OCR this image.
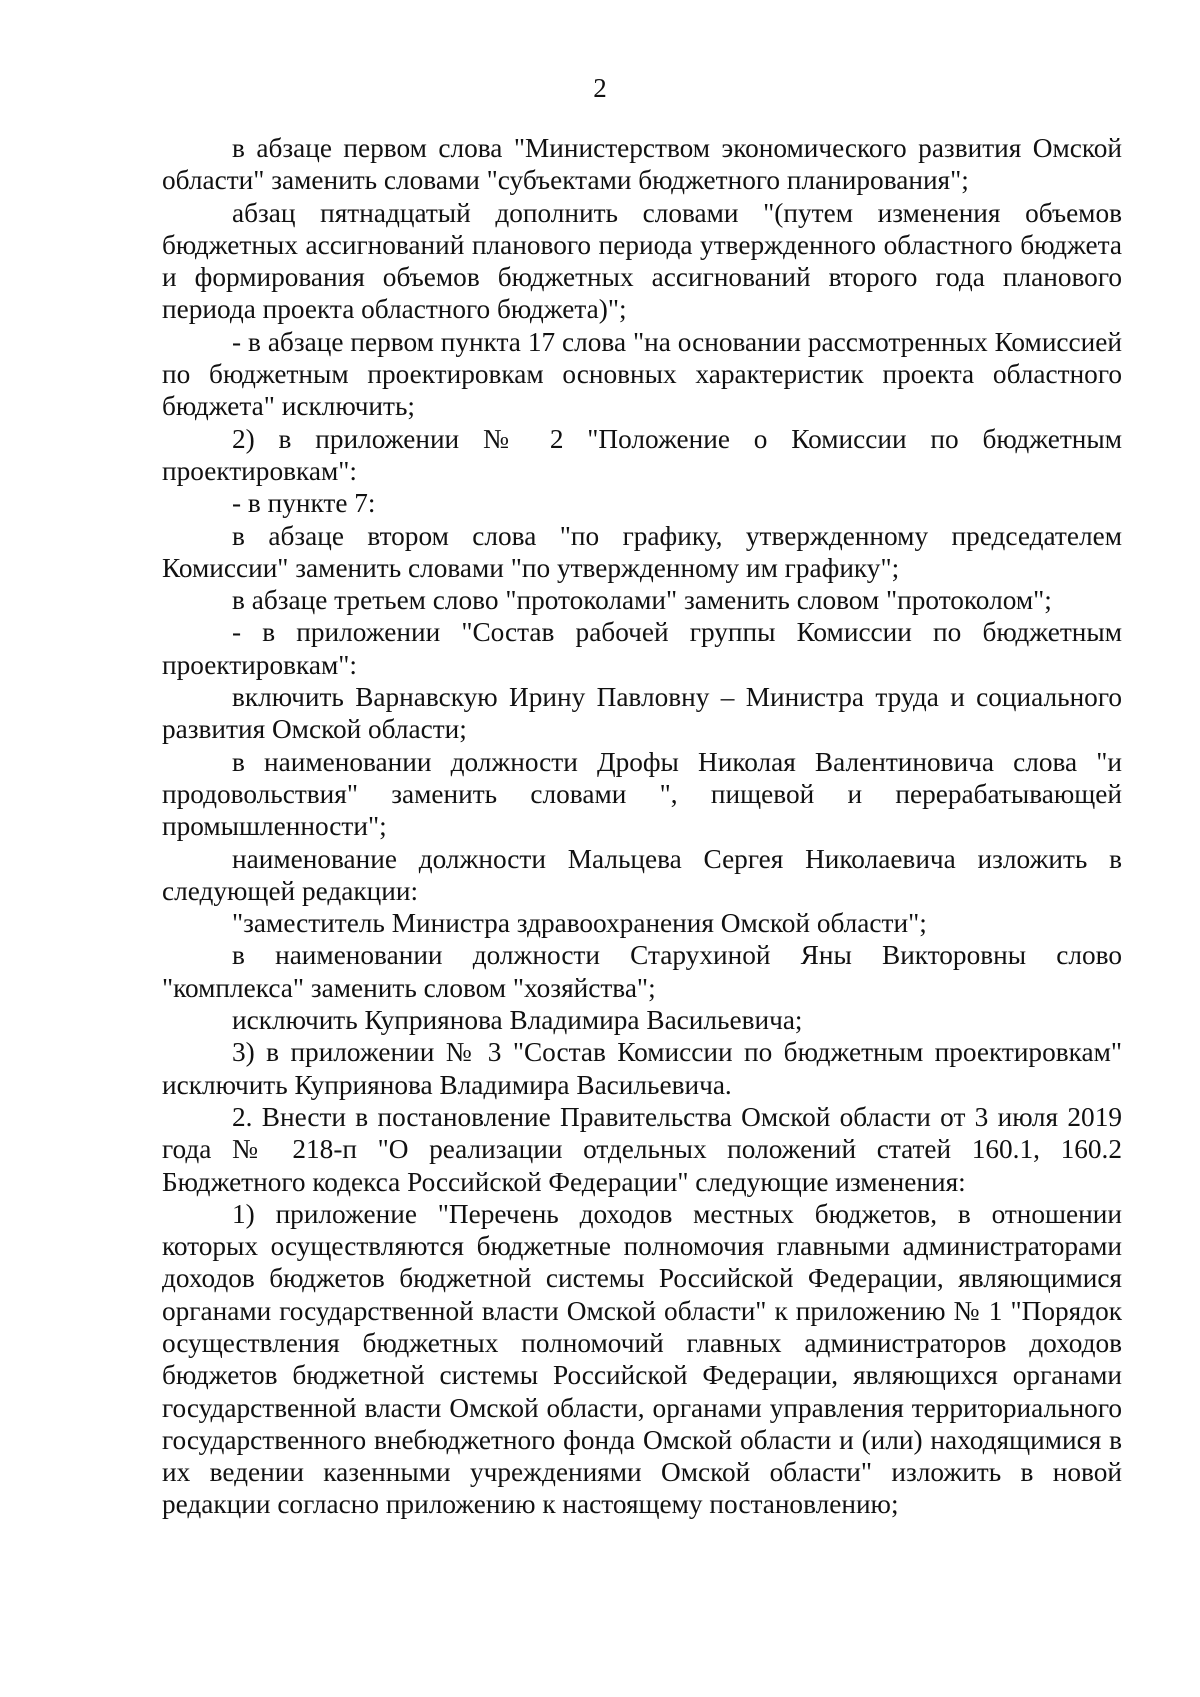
2

в абзаце первом слова "Министерством экономического развития Омской области" заменить словами "субъектами бюджетного планирования";

абзац пятнадцатый дополнить словами "(путем изменения объемов бюджетных ассигнований планового периода утвержденного областного бюджета и формирования объемов бюджетных ассигнований второго года планового периода проекта областного бюджета)";

- в абзаце первом пункта 17 слова "на основании рассмотренных Комиссией по бюджетным проектировкам основных характеристик проекта областного бюджета" исключить;

2) в приложении № 2 "Положение о Комиссии по бюджетным проектировкам":

- в пункте 7:

в абзаце втором слова "по графику, утвержденному председателем Комиссии" заменить словами "по утвержденному им графику";

в абзаце третьем слово "протоколами" заменить словом "протоколом";

- в приложении "Состав рабочей группы Комиссии по бюджетным проектировкам":

включить Варнавскую Ирину Павловну – Министра труда и социального развития Омской области;

в наименовании должности Дрофы Николая Валентиновича слова "и продовольствия" заменить словами ", пищевой и перерабатывающей промышленности";

наименование должности Мальцева Сергея Николаевича изложить в следующей редакции:

"заместитель Министра здравоохранения Омской области";

в наименовании должности Старухиной Яны Викторовны слово "комплекса" заменить словом "хозяйства";

исключить Куприянова Владимира Васильевича;

3) в приложении № 3 "Состав Комиссии по бюджетным проектировкам" исключить Куприянова Владимира Васильевича.

2. Внести в постановление Правительства Омской области от 3 июля 2019 года № 218-п "О реализации отдельных положений статей 160.1, 160.2 Бюджетного кодекса Российской Федерации" следующие изменения:

1) приложение "Перечень доходов местных бюджетов, в отношении которых осуществляются бюджетные полномочия главными администраторами доходов бюджетов бюджетной системы Российской Федерации, являющимися органами государственной власти Омской области" к приложению № 1 "Порядок осуществления бюджетных полномочий главных администраторов доходов бюджетов бюджетной системы Российской Федерации, являющихся органами государственной власти Омской области, органами управления территориального государственного внебюджетного фонда Омской области и (или) находящимися в их ведении казенными учреждениями Омской области" изложить в новой редакции согласно приложению к настоящему постановлению;
